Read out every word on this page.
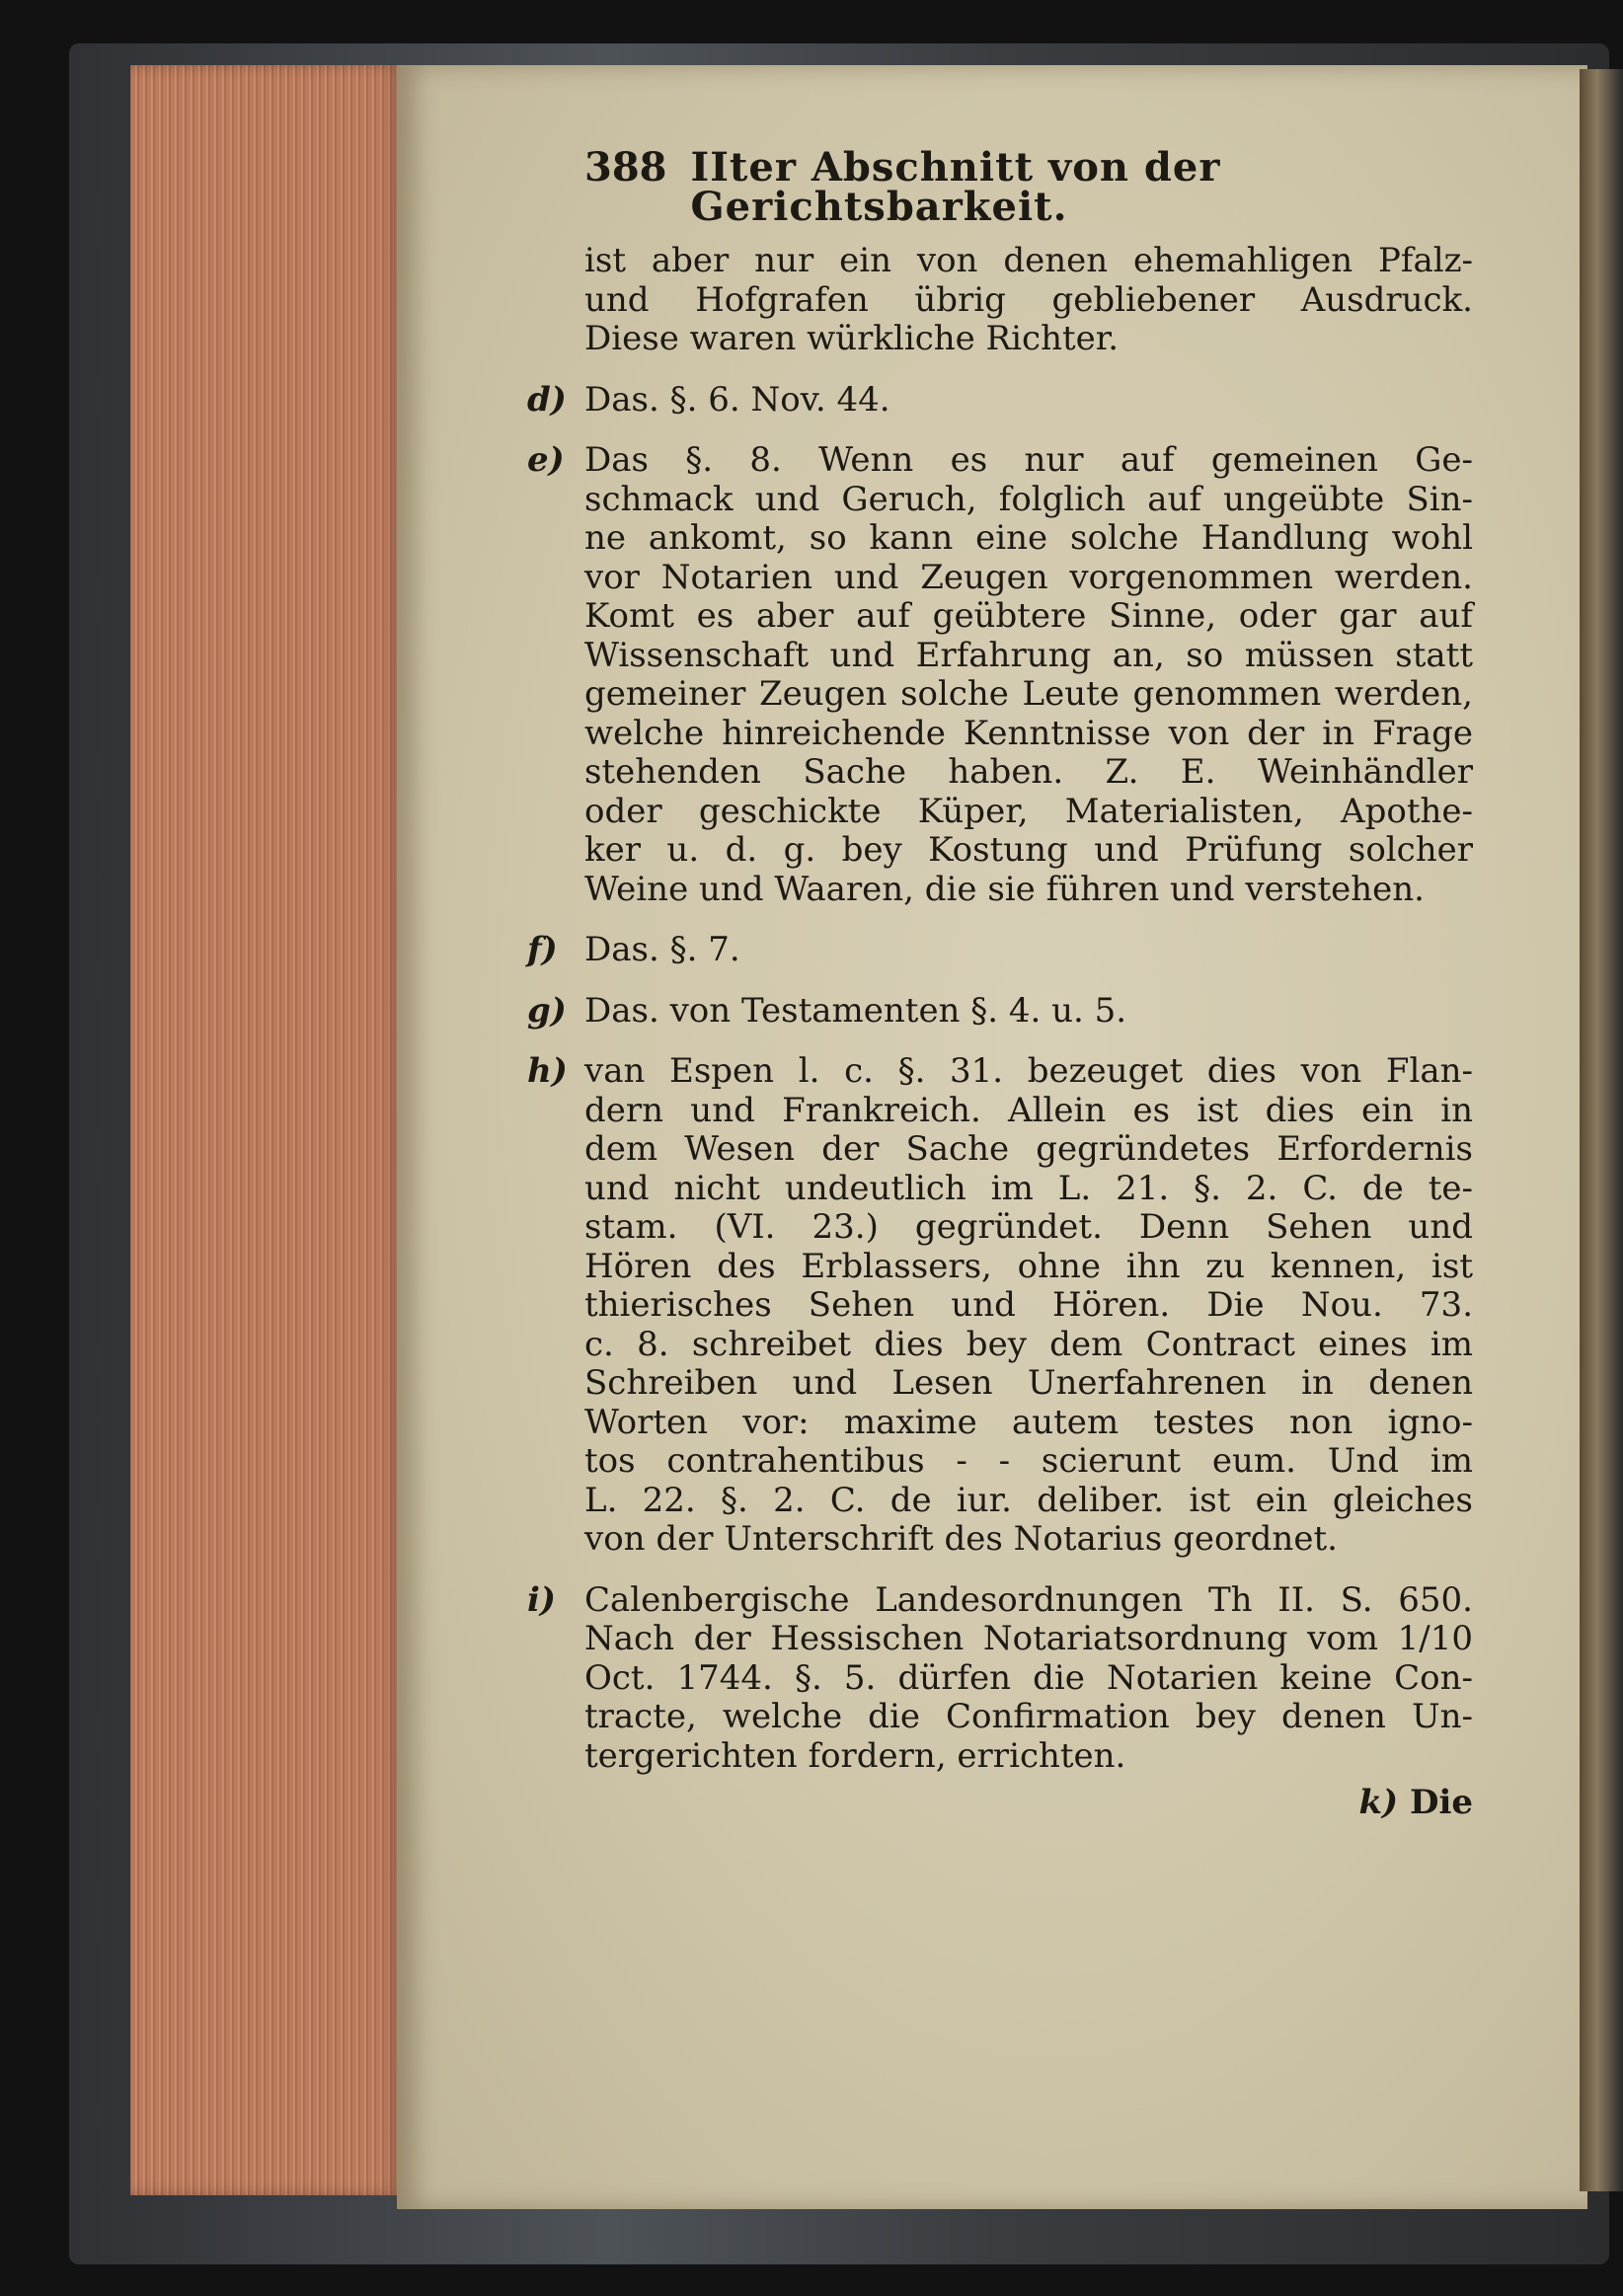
388 IIter Abschnitt von der Gerichtsbarkeit.
ist aber nur ein von denen ehemahligen Pfalz-
und Hofgrafen übrig gebliebener Ausdruck.
Diese waren würkliche Richter.
d) Das. §. 6. Nov. 44.
e) Das §. 8. Wenn es nur auf gemeinen Ge-
schmack und Geruch, folglich auf ungeübte Sin-
ne ankomt, so kann eine solche Handlung wohl
vor Notarien und Zeugen vorgenommen werden.
Komt es aber auf geübtere Sinne, oder gar auf
Wissenschaft und Erfahrung an, so müssen statt
gemeiner Zeugen solche Leute genommen werden,
welche hinreichende Kenntnisse von der in Frage
stehenden Sache haben. Z. E. Weinhändler
oder geschickte Küper, Materialisten, Apothe-
ker u. d. g. bey Kostung und Prüfung solcher
Weine und Waaren, die sie führen und verstehen.
f) Das. §. 7.
g) Das. von Testamenten §. 4. u. 5.
h) van Espen l. c. §. 31. bezeuget dies von Flan-
dern und Frankreich. Allein es ist dies ein in
dem Wesen der Sache gegründetes Erfordernis
und nicht undeutlich im L. 21. §. 2. C. de te-
stam. (VI. 23.) gegründet. Denn Sehen und
Hören des Erblassers, ohne ihn zu kennen, ist
thierisches Sehen und Hören. Die Nou. 73.
c. 8. schreibet dies bey dem Contract eines im
Schreiben und Lesen Unerfahrenen in denen
Worten vor: maxime autem testes non igno-
tos contrahentibus - - scierunt eum. Und im
L. 22. §. 2. C. de iur. deliber. ist ein gleiches
von der Unterschrift des Notarius geordnet.
i) Calenbergische Landesordnungen Th II. S. 650.
Nach der Hessischen Notariatsordnung vom 1/10
Oct. 1744. §. 5. dürfen die Notarien keine Con-
tracte, welche die Confirmation bey denen Un-
tergerichten fordern, errichten.
k) Die
